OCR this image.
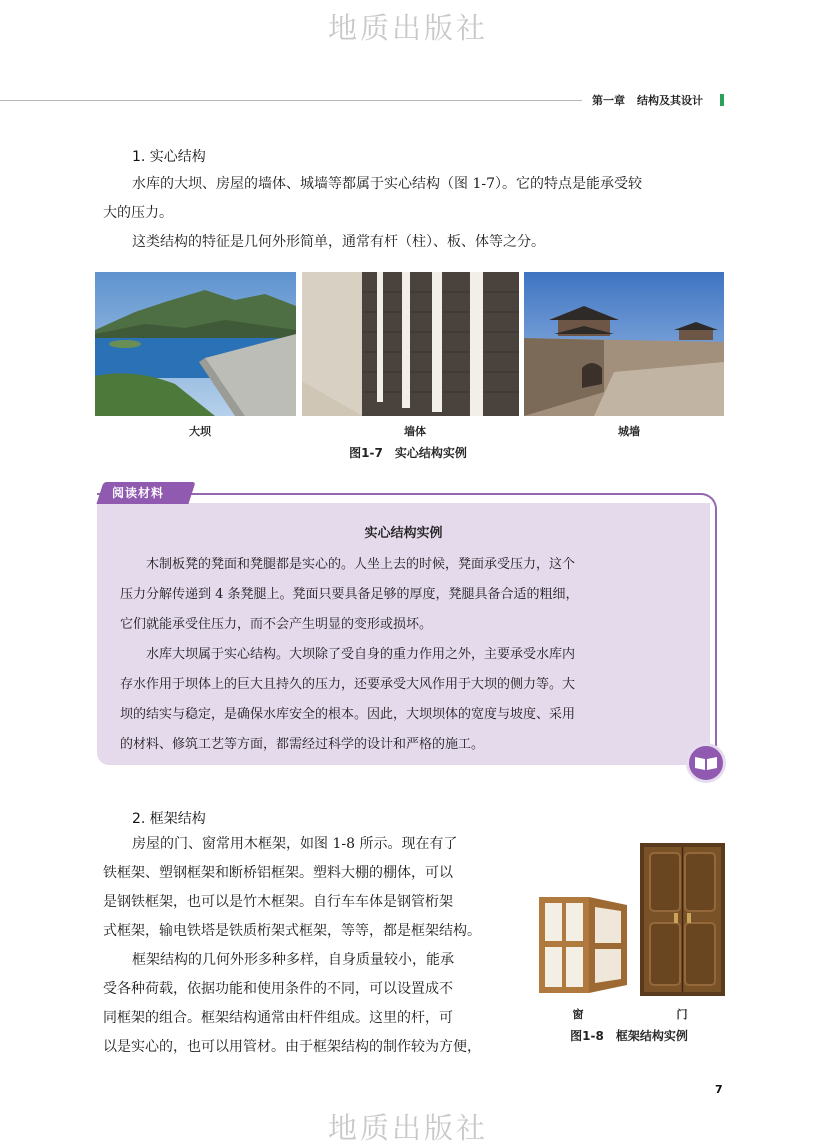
地质出版社
第一章 结构及其设计
1. 实心结构
水库的大坝、房屋的墙体、城墙等都属于实心结构（图 1-7）。它的特点是能承受较
大的压力。
这类结构的特征是几何外形简单，通常有杆（柱）、板、体等之分。
大坝	墙体	城墙
图1-7　实心结构实例
阅读材料
实心结构实例
木制板凳的凳面和凳腿都是实心的。人坐上去的时候，凳面承受压力，这个
压力分解传递到 4 条凳腿上。凳面只要具备足够的厚度，凳腿具备合适的粗细，
它们就能承受住压力，而不会产生明显的变形或损坏。
水库大坝属于实心结构。大坝除了受自身的重力作用之外，主要承受水库内
存水作用于坝体上的巨大且持久的压力，还要承受大风作用于大坝的侧力等。大
坝的结实与稳定，是确保水库安全的根本。因此，大坝坝体的宽度与坡度、采用
的材料、修筑工艺等方面，都需经过科学的设计和严格的施工。
2. 框架结构
房屋的门、窗常用木框架，如图 1-8 所示。现在有了
铁框架、塑钢框架和断桥铝框架。塑料大棚的棚体，可以
是钢铁框架，也可以是竹木框架。自行车车体是钢管桁架
式框架，输电铁塔是铁质桁架式框架，等等，都是框架结构。
框架结构的几何外形多种多样，自身质量较小，能承
受各种荷载，依据功能和使用条件的不同，可以设置成不
同框架的组合。框架结构通常由杆件组成。这里的杆，可
以是实心的，也可以用管材。由于框架结构的制作较为方便，
窗	门
图1-8　框架结构实例
7
地质出版社
